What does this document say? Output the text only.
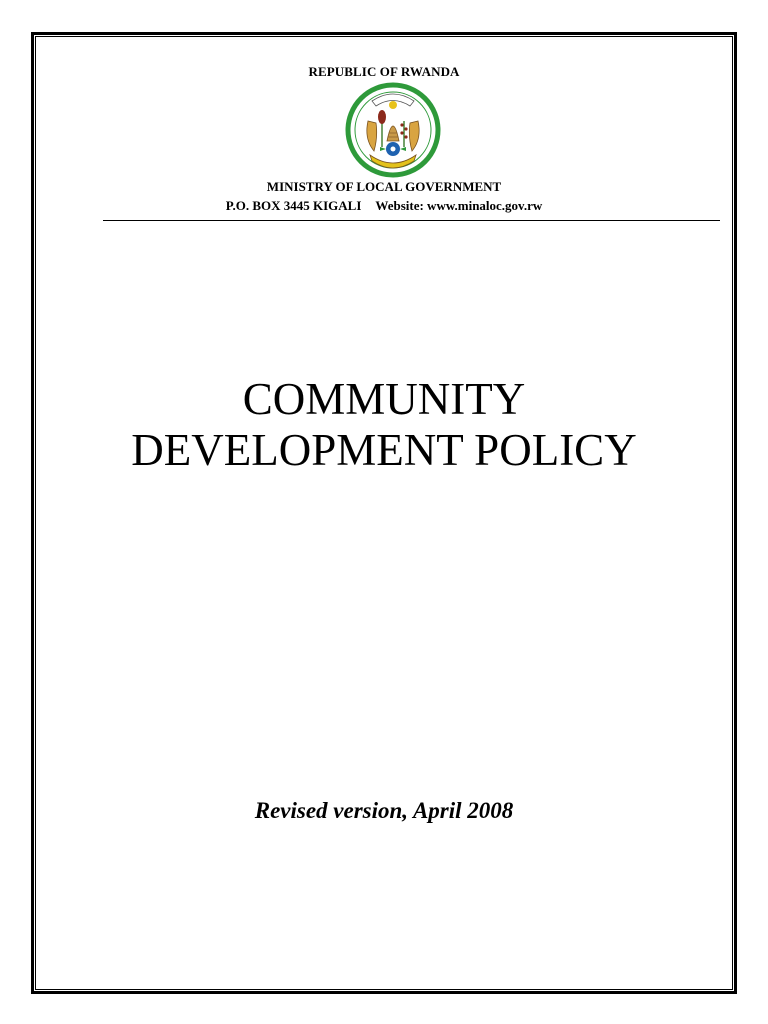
REPUBLIC OF RWANDA
MINISTRY OF LOCAL GOVERNMENT
P.O. BOX 3445 KIGALI Website: www.minaloc.gov.rw
COMMUNITY
DEVELOPMENT POLICY
Revised version, April 2008
